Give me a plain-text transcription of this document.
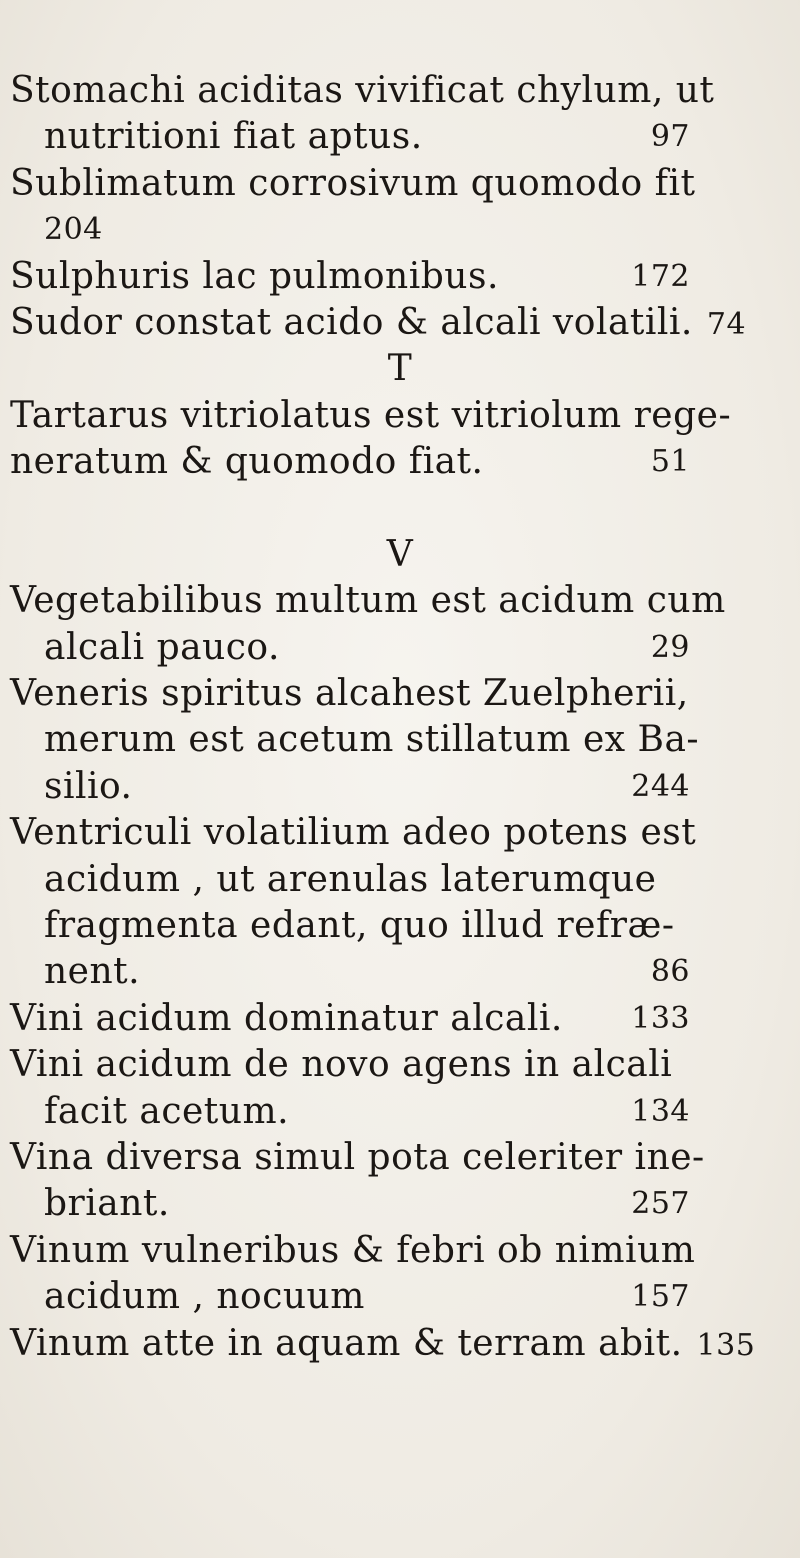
Stomachi aciditas vivificat chylum, ut
nutritioni fiat aptus.	97
Sublimatum corrosivum quomodo fit
204
Sulphuris lac pulmonibus.	172
Sudor constat acido & alcali volatili. 74
T
Tartarus vitriolatus est vitriolum rege-
neratum & quomodo fiat.	51
V
Vegetabilibus multum est acidum cum
alcali pauco.	29
Veneris spiritus alcahest Zuelpherii,
merum est acetum stillatum ex Ba-
silio.	244
Ventriculi volatilium adeo potens est
acidum , ut arenulas laterumque
fragmenta edant, quo illud refræ-
nent.	86
Vini acidum dominatur alcali. 133
Vini acidum de novo agens in alcali
facit acetum.	134
Vina diversa simul pota celeriter ine-
briant.	257
Vinum vulneribus & febri ob nimium
acidum , nocuum	157
Vinum atte in aquam & terram abit. 135
